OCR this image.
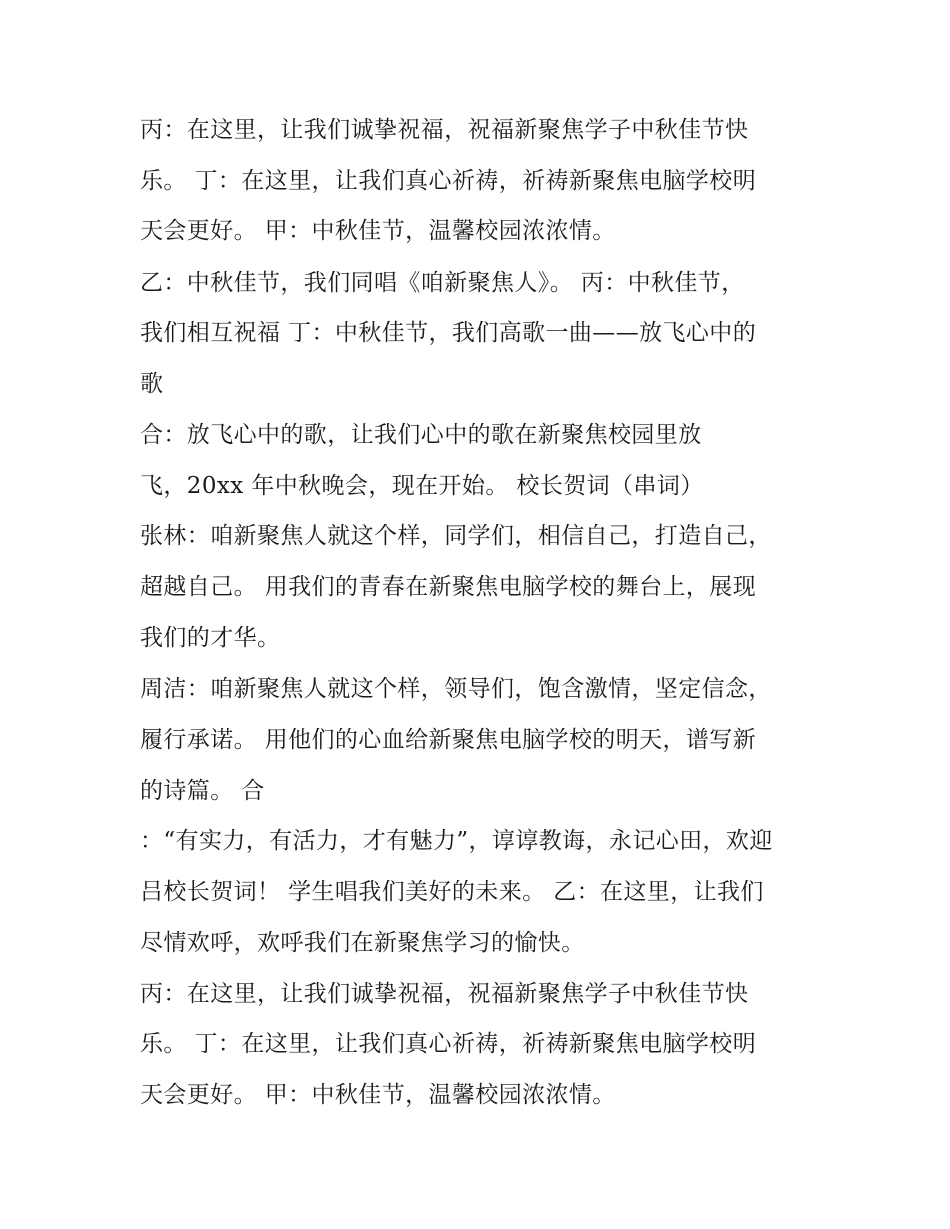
丙：在这里，让我们诚挚祝福，祝福新聚焦学子中秋佳节快

乐。 丁：在这里，让我们真心祈祷，祈祷新聚焦电脑学校明

天会更好。 甲：中秋佳节，温馨校园浓浓情。

乙：中秋佳节，我们同唱《咱新聚焦人》。 丙：中秋佳节，

我们相互祝福 丁：中秋佳节，我们高歌一曲——放飞心中的

歌

合：放飞心中的歌，让我们心中的歌在新聚焦校园里放

飞，20xx 年中秋晚会，现在开始。 校长贺词（串词）

张林：咱新聚焦人就这个样，同学们，相信自己，打造自己，

超越自己。 用我们的青春在新聚焦电脑学校的舞台上，展现

我们的才华。

周洁：咱新聚焦人就这个样，领导们，饱含激情，坚定信念，

履行承诺。 用他们的心血给新聚焦电脑学校的明天，谱写新

的诗篇。 合

：“有实力，有活力，才有魅力”，谆谆教诲，永记心田，欢迎

吕校长贺词！ 学生唱我们美好的未来。 乙：在这里，让我们

尽情欢呼，欢呼我们在新聚焦学习的愉快。

丙：在这里，让我们诚挚祝福，祝福新聚焦学子中秋佳节快

乐。 丁：在这里，让我们真心祈祷，祈祷新聚焦电脑学校明

天会更好。 甲：中秋佳节，温馨校园浓浓情。
